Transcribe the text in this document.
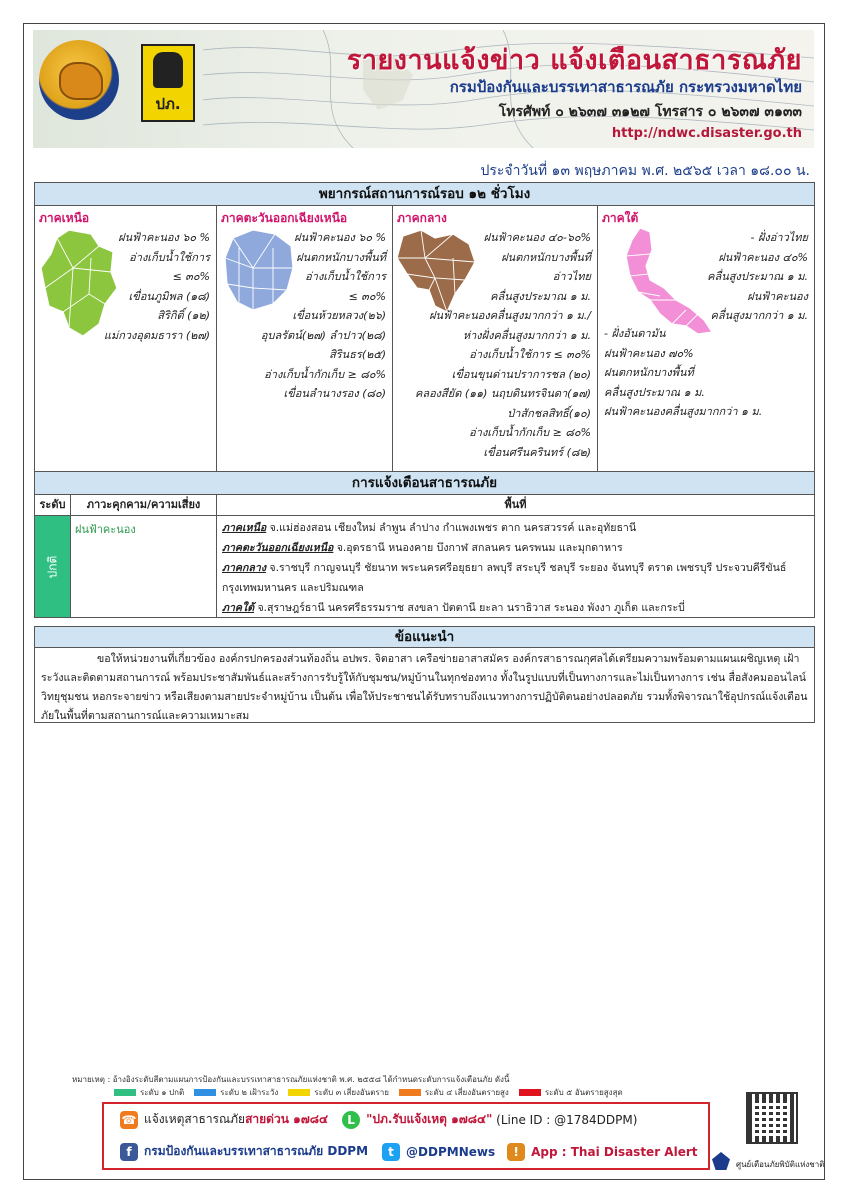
ปภ.
รายงานแจ้งข่าว แจ้งเตือนสาธารณภัย
กรมป้องกันและบรรเทาสาธารณภัย กระทรวงมหาดไทย
โทรศัพท์ ๐ ๒๖๓๗ ๓๑๒๗ โทรสาร ๐ ๒๖๓๗ ๓๑๓๓
http://ndwc.disaster.go.th
ประจำวันที่ ๑๓ พฤษภาคม พ.ศ. ๒๕๖๕ เวลา ๑๘.๐๐ น.
พยากรณ์สถานการณ์รอบ ๑๒ ชั่วโมง
ภาคเหนือ
ฝนฟ้าคะนอง ๖๐ %
อ่างเก็บน้ำใช้การ
≤ ๓๐%
เขื่อนภูมิพล (๑๘)
สิริกิติ์ (๑๒)
แม่กวงอุดมธารา (๒๗)
ภาคตะวันออกเฉียงเหนือ
ฝนฟ้าคะนอง ๖๐ %
ฝนตกหนักบางพื้นที่
อ่างเก็บน้ำใช้การ
≤ ๓๐%
เขื่อนห้วยหลวง(๒๖)
อุบลรัตน์(๒๗) ลำปาว(๒๘)
สิรินธร(๒๕)
อ่างเก็บน้ำกักเก็บ ≥ ๘๐%
เขื่อนลำนางรอง (๘๐)
ภาคกลาง
ฝนฟ้าคะนอง ๔๐-๖๐%
ฝนตกหนักบางพื้นที่
อ่าวไทย
คลื่นสูงประมาณ ๑ ม.
ฝนฟ้าคะนองคลื่นสูงมากกว่า ๑ ม./
ห่างฝั่งคลื่นสูงมากกว่า ๑ ม.
อ่างเก็บน้ำใช้การ ≤ ๓๐%
เขื่อนขุนด่านปราการชล (๒๐)
คลองสียัด (๑๑) นฤบดินทรจินดา(๑๗)
ป่าสักชลสิทธิ์(๑๐)
อ่างเก็บน้ำกักเก็บ ≥ ๘๐%
เขื่อนศรีนครินทร์ (๘๒)
ภาคใต้
- ฝั่งอ่าวไทย
ฝนฟ้าคะนอง ๔๐%
คลื่นสูงประมาณ ๑ ม.
ฝนฟ้าคะนอง
คลื่นสูงมากกว่า ๑ ม.
- ฝั่งอันดามัน
ฝนฟ้าคะนอง ๗๐%
ฝนตกหนักบางพื้นที่
คลื่นสูงประมาณ ๑ ม.
ฝนฟ้าคะนองคลื่นสูงมากกว่า ๑ ม.
การแจ้งเตือนสาธารณภัย
ระดับ	ภาวะคุกคาม/ความเสี่ยง	พื้นที่
ปกติ
ฝนฟ้าคะนอง	ภาคเหนือ จ.แม่ฮ่องสอน เชียงใหม่ ลำพูน ลำปาง กำแพงเพชร ตาก นครสวรรค์ และอุทัยธานี
ภาคตะวันออกเฉียงเหนือ จ.อุดรธานี หนองคาย บึงกาฬ สกลนคร นครพนม และมุกดาหาร
ภาคกลาง จ.ราชบุรี กาญจนบุรี ชัยนาท พระนครศรีอยุธยา ลพบุรี สระบุรี ชลบุรี ระยอง จันทบุรี ตราด เพชรบุรี ประจวบคีรีขันธ์ กรุงเทพมหานคร และปริมณฑล
ภาคใต้ จ.สุราษฎร์ธานี นครศรีธรรมราช สงขลา ปัตตานี ยะลา นราธิวาส ระนอง พังงา ภูเก็ต และกระบี่
ข้อแนะนำ
ขอให้หน่วยงานที่เกี่ยวข้อง องค์กรปกครองส่วนท้องถิ่น อปพร. จิตอาสา เครือข่ายอาสาสมัคร องค์กรสาธารณกุศลได้เตรียมความพร้อมตามแผนเผชิญเหตุ เฝ้าระวังและติดตามสถานการณ์ พร้อมประชาสัมพันธ์และสร้างการรับรู้ให้กับชุมชน/หมู่บ้านในทุกช่องทาง ทั้งในรูปแบบที่เป็นทางการและไม่เป็นทางการ เช่น สื่อสังคมออนไลน์ วิทยุชุมชน หอกระจายข่าว หรือเสียงตามสายประจำหมู่บ้าน เป็นต้น เพื่อให้ประชาชนได้รับทราบถึงแนวทางการปฏิบัติตนอย่างปลอดภัย รวมทั้งพิจารณาใช้อุปกรณ์แจ้งเตือนภัยในพื้นที่ตามสถานการณ์และความเหมาะสม
หมายเหตุ : อ้างอิงระดับสีตามแผนการป้องกันและบรรเทาสาธารณภัยแห่งชาติ พ.ศ. ๒๕๕๘ ได้กำหนดระดับการแจ้งเตือนภัย ดังนี้
ระดับ ๑ ปกติ	ระดับ ๒ เฝ้าระวัง	ระดับ ๓ เสี่ยงอันตราย	ระดับ ๔ เสี่ยงอันตรายสูง	ระดับ ๕ อันตรายสูงสุด
☎ แจ้งเหตุสาธารณภัย สายด่วน ๑๗๘๔	L "ปภ.รับแจ้งเหตุ ๑๗๘๔"
(Line ID : @1784DDPM)
f	กรมป้องกันและบรรเทาสาธารณภัย DDPM	t	@DDPMNews	!	App : Thai Disaster Alert
ศูนย์เตือนภัยพิบัติแห่งชาติ
